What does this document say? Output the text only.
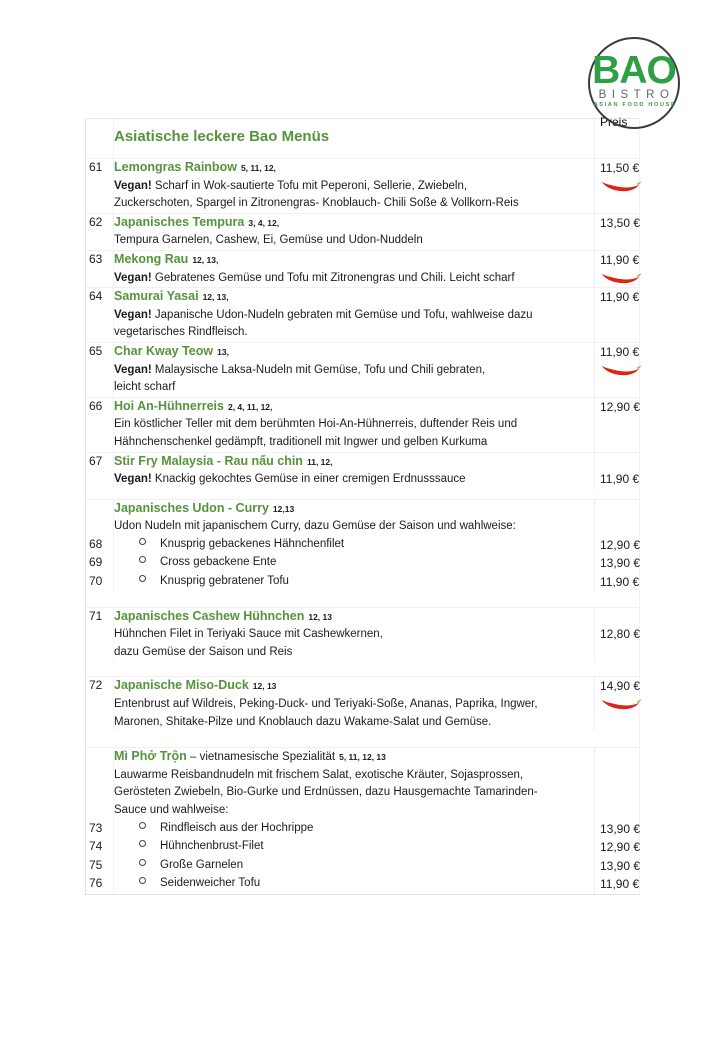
BAO
BISTRO
ASIAN FOOD HOUSE
Asiatische leckere Bao Menüs
Preis
61 Lemongras Rainbow 5, 11, 12,
Vegan! Scharf in Wok-sautierte Tofu mit Peperoni, Sellerie, Zwiebeln,
Zuckerschoten, Spargel in Zitronengras- Knoblauch- Chili Soße & Vollkorn-Reis
11,50 €
62 Japanisches Tempura 3, 4, 12,
Tempura Garnelen, Cashew, Ei, Gemüse und Udon-Nuddeln
13,50 €
63 Mekong Rau 12, 13,
Vegan! Gebratenes Gemüse und Tofu mit Zitronengras und Chili. Leicht scharf
11,90 €
64 Samurai Yasai 12, 13,
Vegan! Japanische Udon-Nudeln gebraten mit Gemüse und Tofu, wahlweise dazu
vegetarisches Rindfleisch.
11,90 €
65 Char Kway Teow 13,
Vegan! Malaysische Laksa-Nudeln mit Gemüse, Tofu und Chili gebraten,
leicht scharf
11,90 €
66 Hoi An-Hühnerreis 2, 4, 11, 12,
Ein köstlicher Teller mit dem berühmten Hoi-An-Hühnerreis, duftender Reis und
Hähnchenschenkel gedämpft, traditionell mit Ingwer und gelben Kurkuma
12,90 €
67 Stir Fry Malaysia - Rau nấu chin 11, 12,
Vegan! Knackig gekochtes Gemüse in einer cremigen Erdnusssauce	11,90 €
Japanisches Udon - Curry 12,13
Udon Nudeln mit japanischem Curry, dazu Gemüse der Saison und wahlweise:
68	Knusprig gebackenes Hähnchenfilet	12,90 €
69	Cross gebackene Ente	13,90 €
70	Knusprig gebratener Tofu	11,90 €
71 Japanisches Cashew Hühnchen 12, 13
Hühnchen Filet in Teriyaki Sauce mit Cashewkernen,
dazu Gemüse der Saison und Reis
12,80 €
72 Japanische Miso-Duck 12, 13
Entenbrust auf Wildreis, Peking-Duck- und Teriyaki-Soße, Ananas, Paprika, Ingwer,
Maronen, Shitake-Pilze und Knoblauch dazu Wakame-Salat und Gemüse.
14,90 €
Mì Phở Trộn – vietnamesische Spezialität 5, 11, 12, 13
Lauwarme Reisbandnudeln mit frischem Salat, exotische Kräuter, Sojasprossen,
Gerösteten Zwiebeln, Bio-Gurke und Erdnüssen, dazu Hausgemachte Tamarinden-
Sauce und wahlweise:
73	Rindfleisch aus der Hochrippe	13,90 €
74	Hühnchenbrust-Filet	12,90 €
75	Große Garnelen	13,90 €
76	Seidenweicher Tofu	11,90 €
